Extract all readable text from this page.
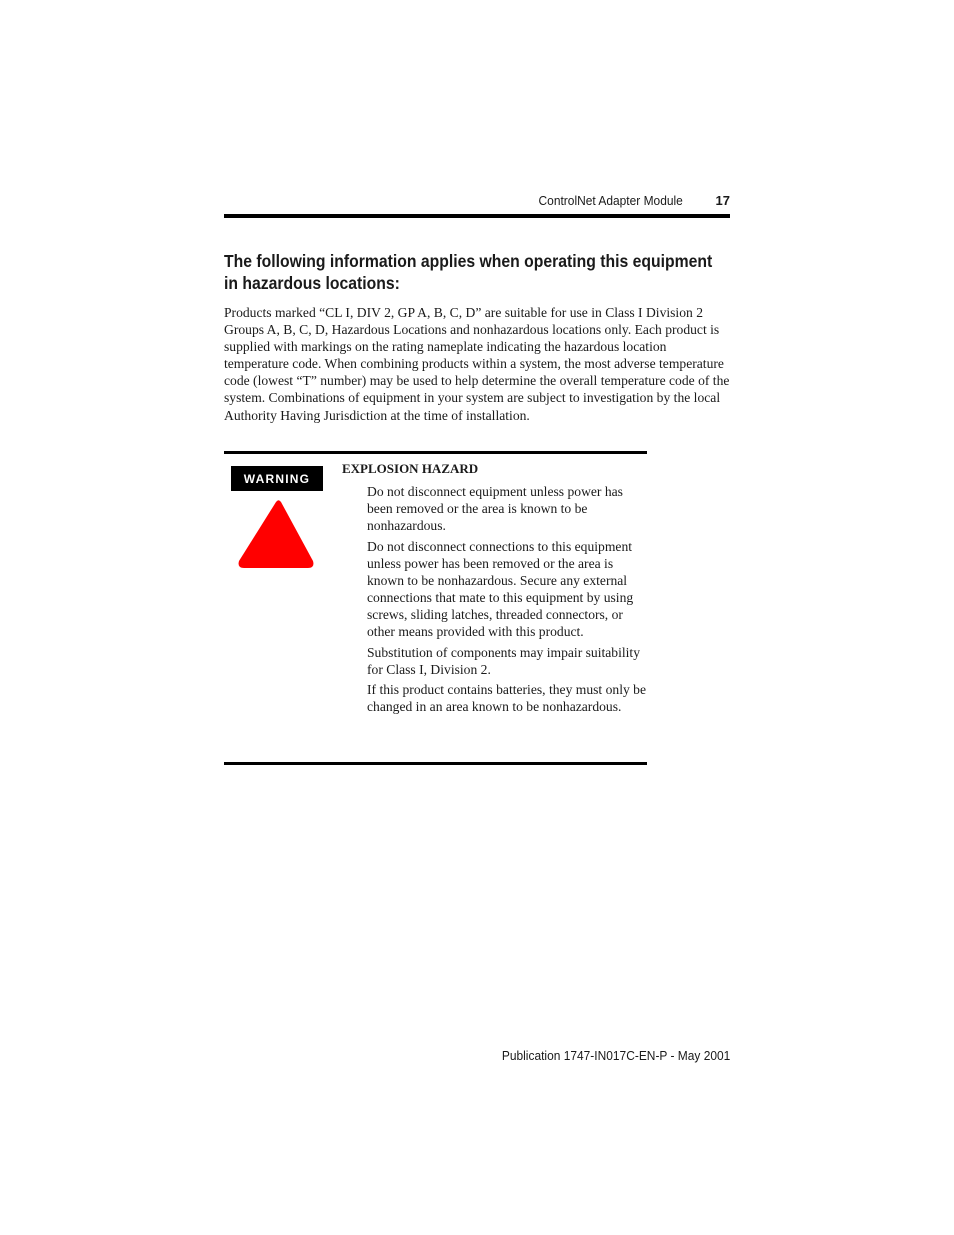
ControlNet Adapter Module	17
The following information applies when operating this equipment in hazardous locations:

Products marked “CL I, DIV 2, GP A, B, C, D” are suitable for use in Class I Division 2 Groups A, B, C, D, Hazardous Locations and nonhazardous locations only. Each product is supplied with markings on the rating nameplate indicating the hazardous location temperature code. When combining products within a system, the most adverse temperature code (lowest “T” number) may be used to help determine the overall temperature code of the system. Combinations of equipment in your system are subject to investigation by the local Authority Having Jurisdiction at the time of installation.

WARNING
EXPLOSION HAZARD

Do not disconnect equipment unless power has been removed or the area is known to be nonhazardous.

Do not disconnect connections to this equipment unless power has been removed or the area is known to be nonhazardous. Secure any external connections that mate to this equipment by using screws, sliding latches, threaded connectors, or other means provided with this product.

Substitution of components may impair suitability for Class I, Division 2.

If this product contains batteries, they must only be changed in an area known to be nonhazardous.

Publication 1747-IN017C-EN-P - May 2001
